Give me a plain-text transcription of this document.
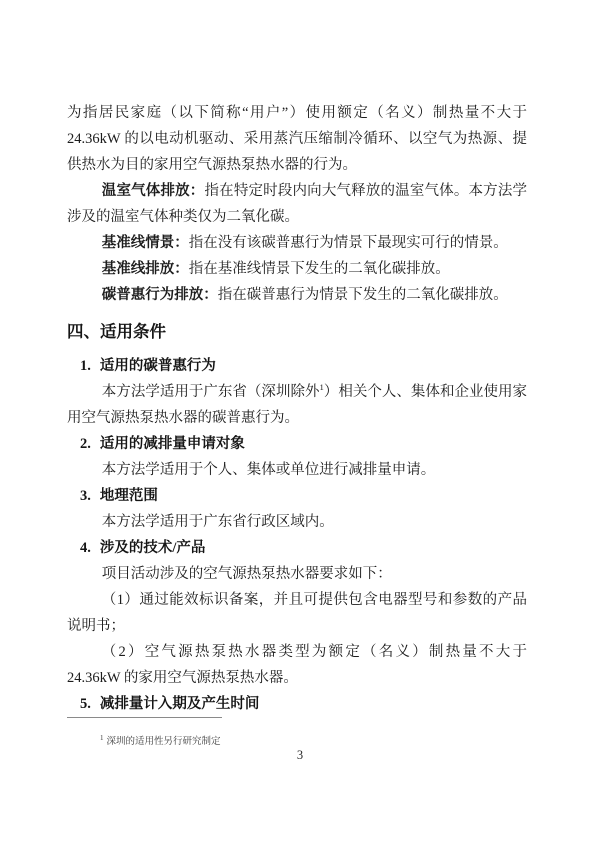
为指居民家庭（以下简称“用户”）使用额定（名义）制热量不大于 24.36kW 的以电动机驱动、采用蒸汽压缩制冷循环、以空气为热源、提供热水为目的家用空气源热泵热水器的行为。

温室气体排放：指在特定时段内向大气释放的温室气体。本方法学涉及的温室气体种类仅为二氧化碳。

基准线情景：指在没有该碳普惠行为情景下最现实可行的情景。

基准线排放：指在基准线情景下发生的二氧化碳排放。

碳普惠行为排放：指在碳普惠行为情景下发生的二氧化碳排放。

四、适用条件
1. 适用的碳普惠行为

本方法学适用于广东省（深圳除外$^1$）相关个人、集体和企业使用家用空气源热泵热水器的碳普惠行为。

2. 适用的减排量申请对象

本方法学适用于个人、集体或单位进行减排量申请。

3. 地理范围

本方法学适用于广东省行政区域内。

4. 涉及的技术/产品

项目活动涉及的空气源热泵热水器要求如下：

（1）通过能效标识备案，并且可提供包含电器型号和参数的产品说明书；

（2）空气源热泵热水器类型为额定（名义）制热量不大于 24.36kW 的家用空气源热泵热水器。

5. 减排量计入期及产生时间
$^1$ 深圳的适用性另行研究制定
3
